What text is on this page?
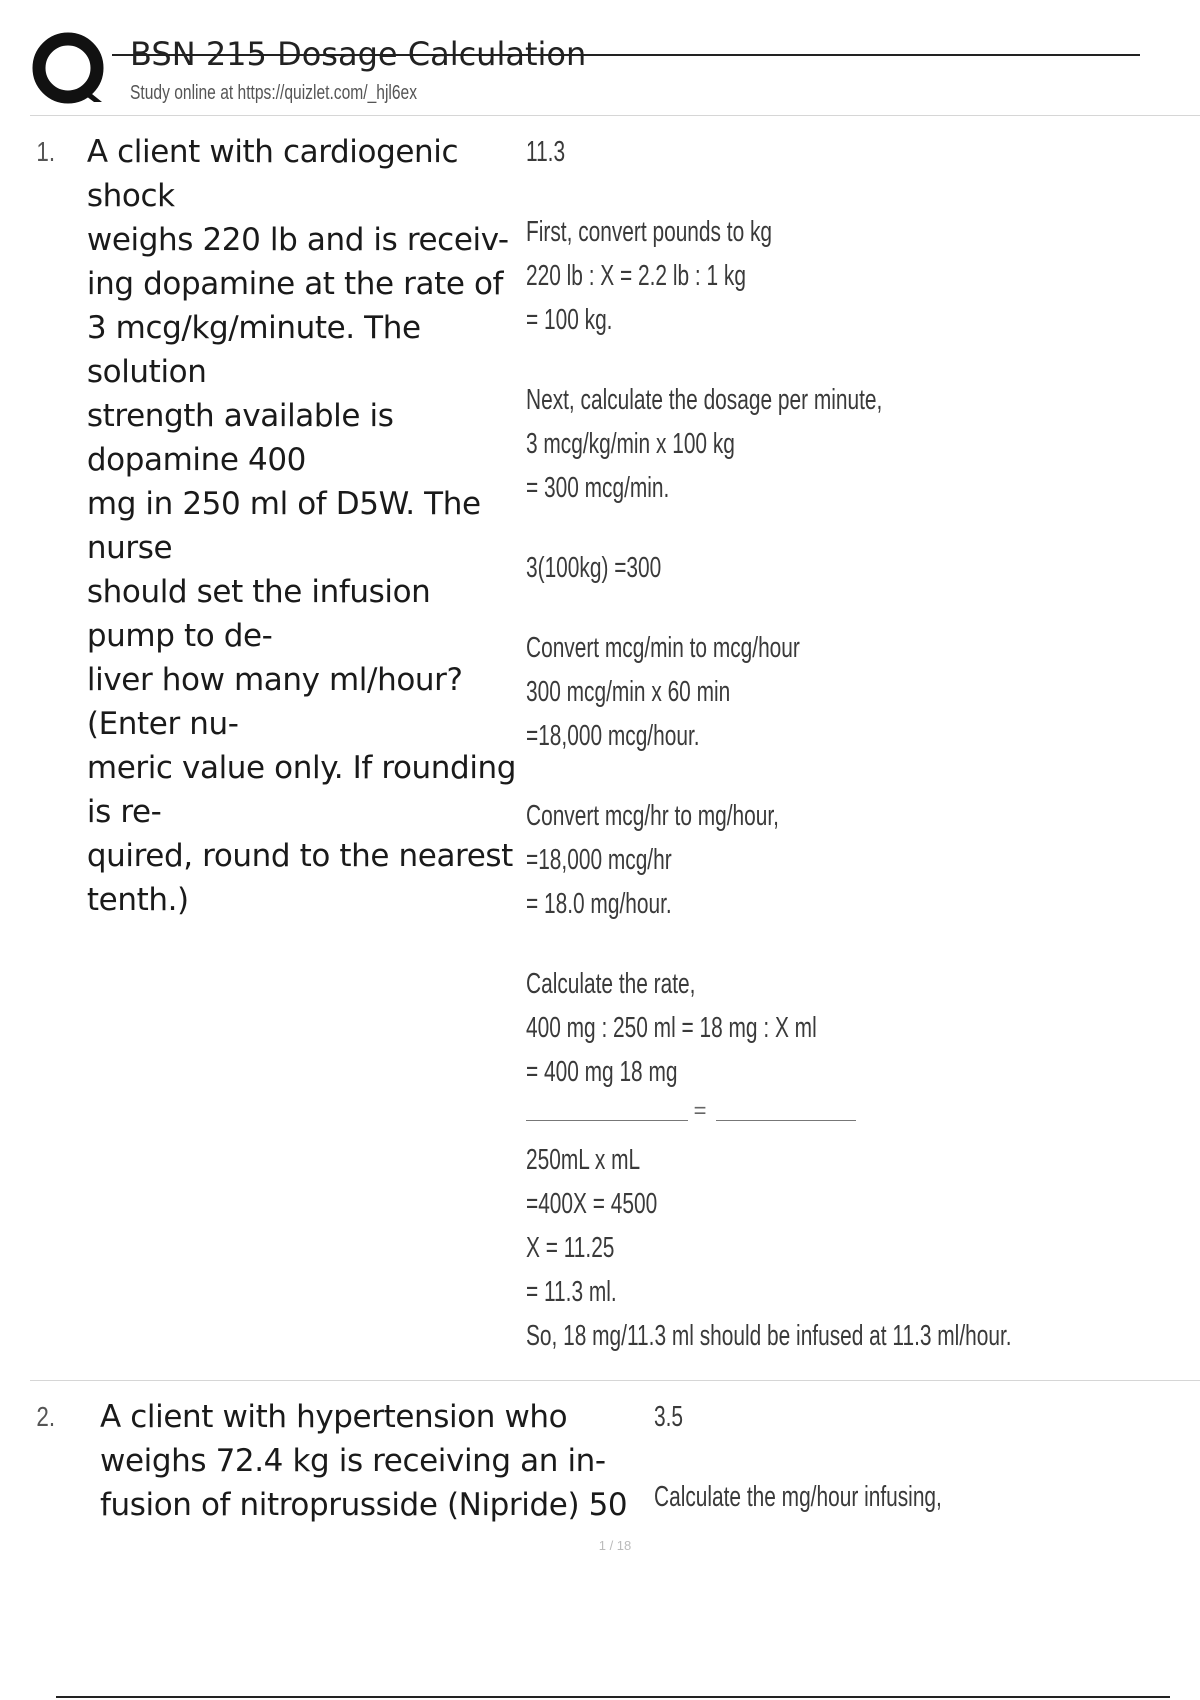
BSN 215 Dosage Calculation
Study online at https://quizlet.com/_hjl6ex
1.	A client with cardiogenic shock
weighs 220 lb and is receiv-
ing dopamine at the rate of
3 mcg/kg/minute. The solution
strength available is dopamine 400
mg in 250 ml of D5W. The nurse
should set the infusion pump to de-
liver how many ml/hour? (Enter nu-
meric value only. If rounding is re-
quired, round to the nearest tenth.)
11.3
First, convert pounds to kg
220 lb : X = 2.2 lb : 1 kg
= 100 kg.
Next, calculate the dosage per minute,
3 mcg/kg/min x 100 kg
= 300 mcg/min.
3(100kg) =300
Convert mcg/min to mcg/hour
300 mcg/min x 60 min
=18,000 mcg/hour.
Convert mcg/hr to mg/hour,
=18,000 mcg/hr
= 18.0 mg/hour.
Calculate the rate,
400 mg : 250 ml = 18 mg : X ml
= 400 mg 18 mg
=
250mL x mL
=400X = 4500
X = 11.25
= 11.3 ml.
So, 18 mg/11.3 ml should be infused at 11.3 ml/hour.
2.	A client with hypertension who
weighs 72.4 kg is receiving an in-
fusion of nitroprusside (Nipride) 50
3.5
Calculate the mg/hour infusing,
1 / 18
